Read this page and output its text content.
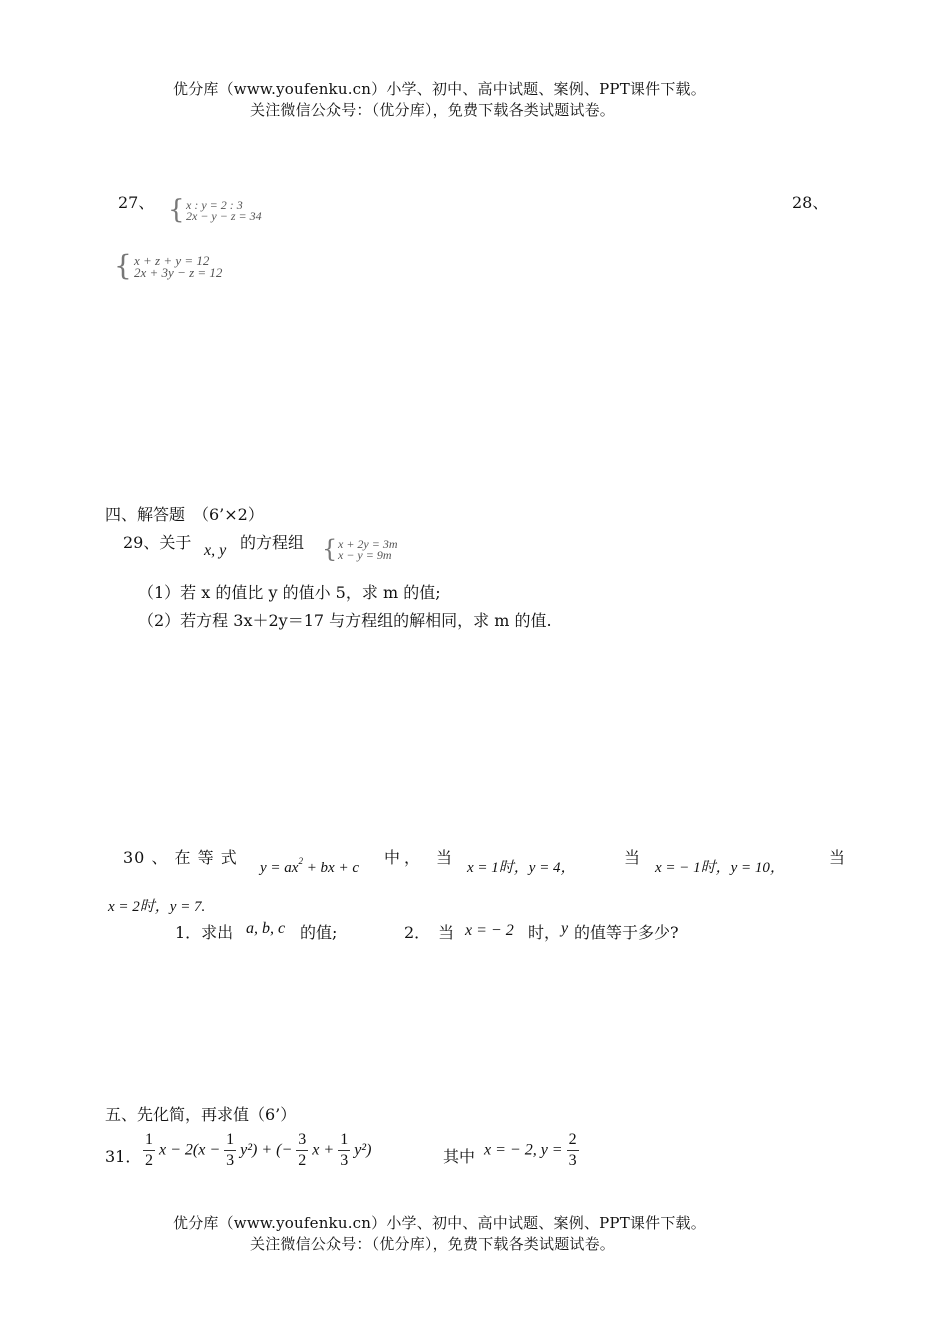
优分库（www.youfenku.cn）小学、初中、高中试题、案例、PPT课件下载。
关注微信公众号：（优分库），免费下载各类试题试卷。
27、 { x : y = 2 : 3
2x − y − z = 34
{ x + z + y = 12
2x + 3y − z = 12
28、
四、解答题　（6’×2）
29、关于 x, y 的方程组 { x + 2y = 3m
x − y = 9m
（1）若 x 的值比 y 的值小 5，求 m 的值;
（2）若方程 3x＋2y＝17 与方程组的解相同，求 m 的值.
30 、 在 等 式
$y = ax^2$ + bx + c
中， 当
x = 1时，y = 4，
当
x = − 1时，y = 10，
当
x = 2时，y = 7.
1．求出 a, b, c 的值;	2．　当 x = − 2 时， y 的值等于多少?
五、先化简，再求值（6’）
31． $\frac{1}{2}$ $x - 2(x - \frac{1}{3} y^2)$ + (− $\frac{3}{2}$ $x + \frac{1}{3} y^2$)	其中 x = − 2, $y = \frac{2}{3}$
优分库（www.youfenku.cn）小学、初中、高中试题、案例、PPT课件下载。
关注微信公众号：（优分库），免费下载各类试题试卷。
